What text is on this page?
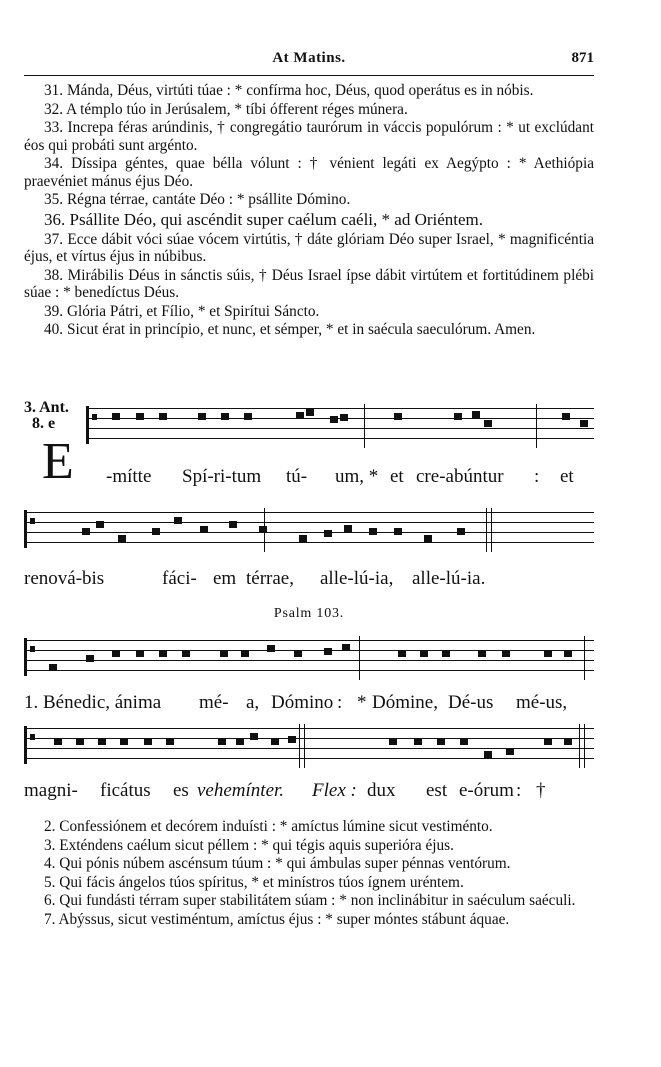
At Matins.	871

31. Mánda, Déus, virtúti túae : * confírma hoc, Déus, quod operátus es in nóbis.

32. A témplo túo in Jerúsalem, * tíbi ófferent réges múnera.

33. Increpa féras arúndinis, † congregátio taurórum in váccis populórum : * ut exclúdant éos qui probáti sunt argénto.

34. Díssipa géntes, quae bélla vólunt : † vénient legáti ex Aegýpto : * Aethiópia praevéniet mánus éjus Déo.

35. Régna térrae, cantáte Déo : * psállite Dómino.

36. Psállite Déo, qui ascéndit super caélum caéli, * ad Oriéntem.

37. Ecce dábit vóci súae vócem virtútis, † dáte glóriam Déo super Israel, * magnificéntia éjus, et vírtus éjus in núbibus.

38. Mirábilis Déus in sánctis súis, † Déus Israel ípse dábit virtútem et fortitúdinem plébi súae : * benedíctus Déus.

39. Glória Pátri, et Fílio, * et Spirítui Sáncto.

40. Sicut érat in princípio, et nunc, et sémper, * et in saécula saeculórum. Amen.

3. Ant.
8. e
E -mítte Spí-ri-tum tú- um, * et cre-abúntur : et
renová-bis	fáci- em térrae, alle-lú-ia, alle-lú-ia.
Psalm 103.
1. Bénedic, ánima mé- a, Dómino : * Dómine, Dé-us mé-us,
magni- ficátus es vehemínter. Flex : dux est e-órum : †

2. Confessiónem et decórem induísti : * amíctus lúmine sicut vestiménto.

3. Exténdens caélum sicut péllem : * qui tégis aquis superióra éjus.

4. Qui pónis núbem ascénsum túum : * qui ámbulas super pénnas ventórum.

5. Qui fácis ángelos túos spíritus, * et minístros túos ígnem uréntem.

6. Qui fundásti térram super stabilitátem súam : * non inclinábitur in saéculum saéculi.

7. Abýssus, sicut vestiméntum, amíctus éjus : * super móntes stábunt áquae.
